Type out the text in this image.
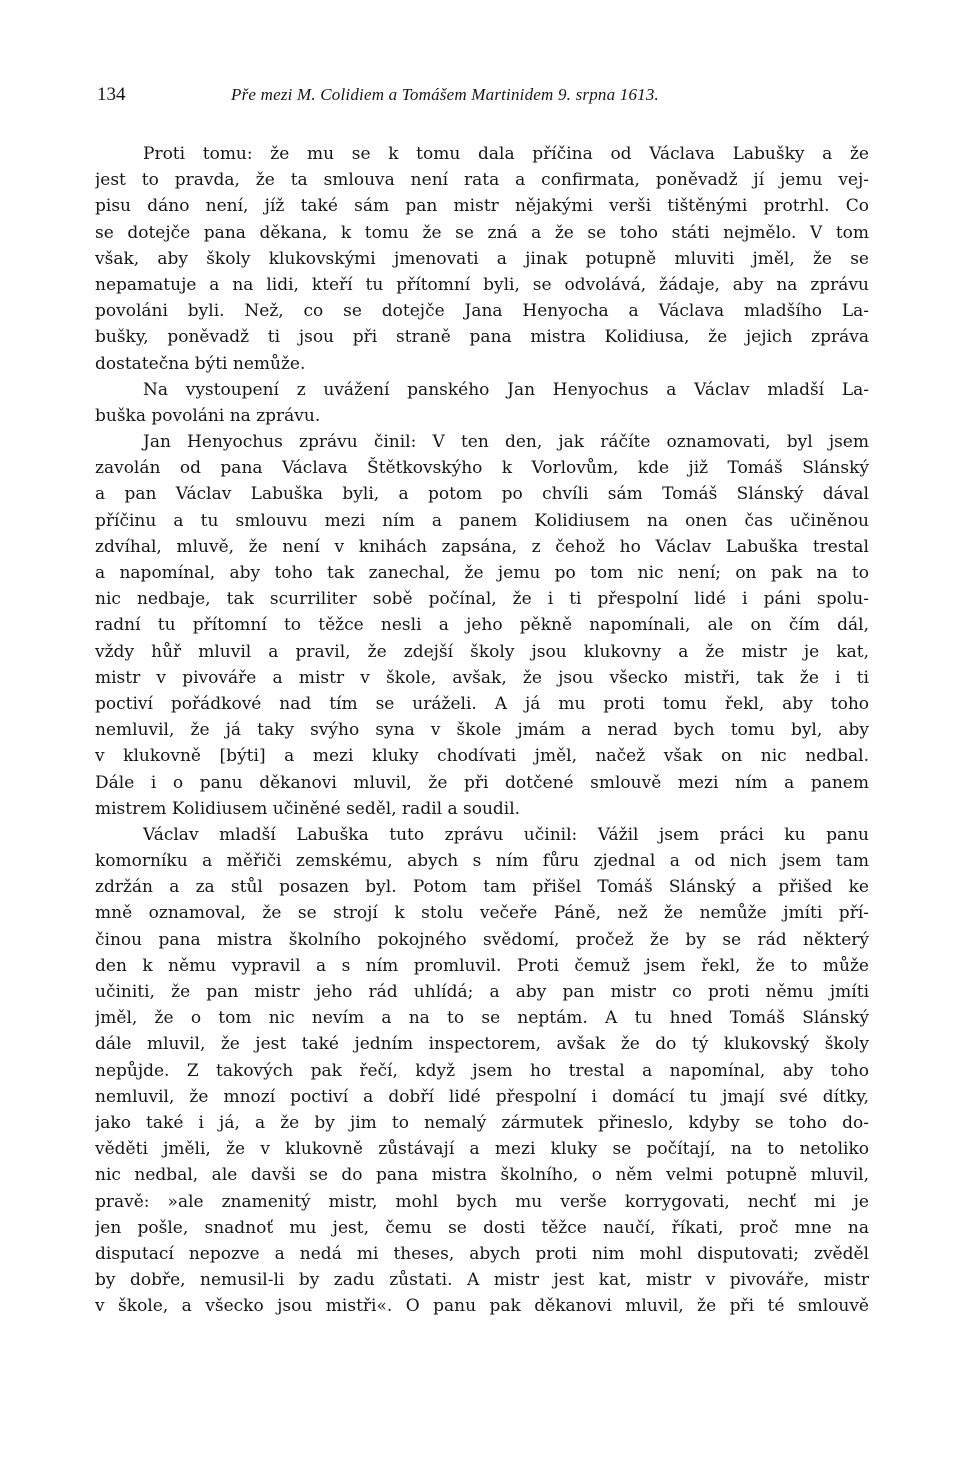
134	Pře mezi M. Colidiem a Tomášem Martinidem 9. srpna 1613.
Proti tomu: že mu se k tomu dala příčina od Václava Labušky a že
jest to pravda, že ta smlouva není rata a confirmata, poněvadž jí jemu vej-
pisu dáno není, jíž také sám pan mistr nějakými verši tištěnými protrhl. Co
se dotejče pana děkana, k tomu že se zná a že se toho státi nejmělo. V tom
však, aby školy klukovskými jmenovati a jinak potupně mluviti jměl, že se
nepamatuje a na lidi, kteří tu přítomní byli, se odvolává, žádaje, aby na zprávu
povoláni byli. Než, co se dotejče Jana Henyocha a Václava mladšího La-
bušky, poněvadž ti jsou při straně pana mistra Kolidiusa, že jejich zpráva
dostatečna býti nemůže.
Na vystoupení z uvážení panského Jan Henyochus a Václav mladší La-
buška povoláni na zprávu.
Jan Henyochus zprávu činil: V ten den, jak ráčíte oznamovati, byl jsem
zavolán od pana Václava Štětkovskýho k Vorlovům, kde již Tomáš Slánský
a pan Václav Labuška byli, a potom po chvíli sám Tomáš Slánský dával
příčinu a tu smlouvu mezi ním a panem Kolidiusem na onen čas učiněnou
zdvíhal, mluvě, že není v knihách zapsána, z čehož ho Václav Labuška trestal
a napomínal, aby toho tak zanechal, že jemu po tom nic není; on pak na to
nic nedbaje, tak scurriliter sobě počínal, že i ti přespolní lidé i páni spolu-
radní tu přítomní to těžce nesli a jeho pěkně napomínali, ale on čím dál,
vždy hůř mluvil a pravil, že zdejší školy jsou klukovny a že mistr je kat,
mistr v pivováře a mistr v škole, avšak, že jsou všecko mistři, tak že i ti
poctiví pořádkové nad tím se uráželi. A já mu proti tomu řekl, aby toho
nemluvil, že já taky svýho syna v škole jmám a nerad bych tomu byl, aby
v klukovně [býti] a mezi kluky chodívati jměl, načež však on nic nedbal.
Dále i o panu děkanovi mluvil, že při dotčené smlouvě mezi ním a panem
mistrem Kolidiusem učiněné seděl, radil a soudil.
Václav mladší Labuška tuto zprávu učinil: Vážil jsem práci ku panu
komorníku a měřiči zemskému, abych s ním fůru zjednal a od nich jsem tam
zdržán a za stůl posazen byl. Potom tam přišel Tomáš Slánský a přišed ke
mně oznamoval, že se strojí k stolu večeře Páně, než že nemůže jmíti pří-
činou pana mistra školního pokojného svědomí, pročež že by se rád některý
den k němu vypravil a s ním promluvil. Proti čemuž jsem řekl, že to může
učiniti, že pan mistr jeho rád uhlídá; a aby pan mistr co proti němu jmíti
jměl, že o tom nic nevím a na to se neptám. A tu hned Tomáš Slánský
dále mluvil, že jest také jedním inspectorem, avšak že do tý klukovský školy
nepůjde. Z takových pak řečí, když jsem ho trestal a napomínal, aby toho
nemluvil, že mnozí poctiví a dobří lidé přespolní i domácí tu jmají své dítky,
jako také i já, a že by jim to nemalý zármutek přineslo, kdyby se toho do-
věděti jměli, že v klukovně zůstávají a mezi kluky se počítají, na to netoliko
nic nedbal, ale davši se do pana mistra školního, o něm velmi potupně mluvil,
pravě: »ale znamenitý mistr, mohl bych mu verše korrygovati, nechť mi je
jen pošle, snadnoť mu jest, čemu se dosti těžce naučí, říkati, proč mne na
disputací nepozve a nedá mi theses, abych proti nim mohl disputovati; zvěděl
by dobře, nemusil-li by zadu zůstati. A mistr jest kat, mistr v pivováře, mistr
v škole, a všecko jsou mistři«. O panu pak děkanovi mluvil, že při té smlouvě
